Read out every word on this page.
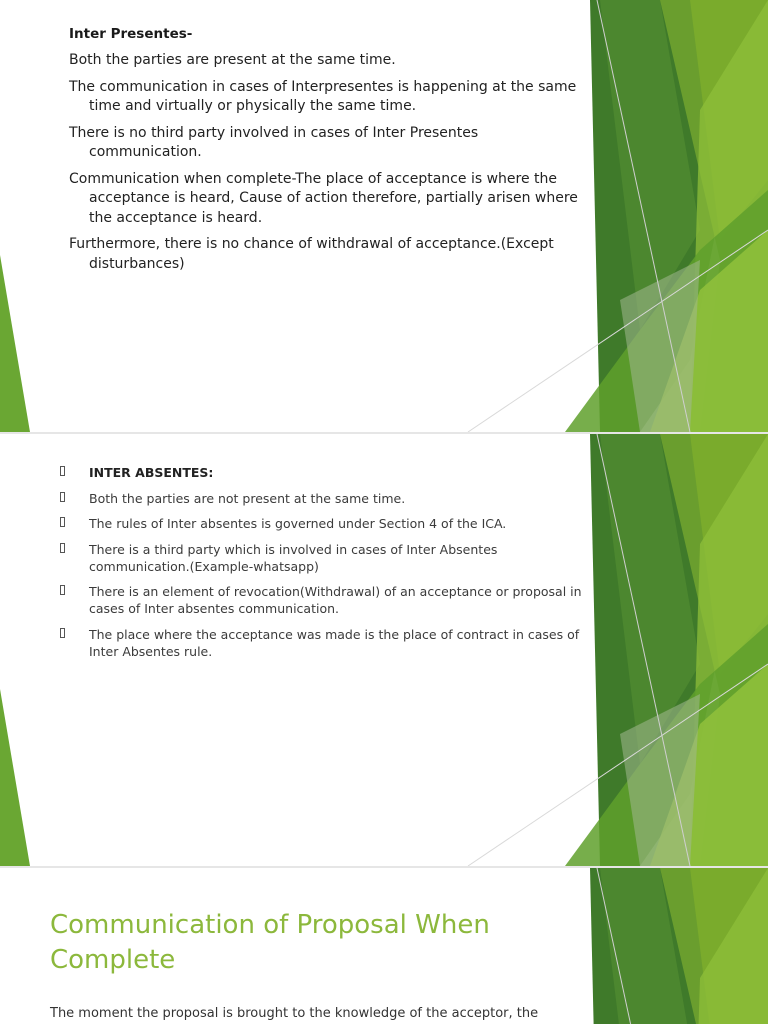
Inter Presentes-
Both the parties are present at the same time.
The communication in cases of Interpresentes is happening at the same time and virtually or physically the same time.
There is no third party involved in cases of Inter Presentes communication.
Communication when complete-The place of acceptance is where the acceptance is heard, Cause of action therefore, partially arisen where the acceptance is heard.
Furthermore, there is no chance of withdrawal of acceptance.(Except disturbances)
INTER ABSENTES:
Both the parties are not present at the same time.
The rules of Inter absentes is governed under Section 4 of the ICA.
There is a third party which is involved in cases of Inter Absentes communication.(Example-whatsapp)
There is an element of revocation(Withdrawal) of an acceptance or proposal in cases of Inter absentes communication.
The place where the acceptance was made is the place of contract in cases of Inter Absentes rule.
Communication of Proposal When Complete

The moment the proposal is brought to the knowledge of the acceptor, the
